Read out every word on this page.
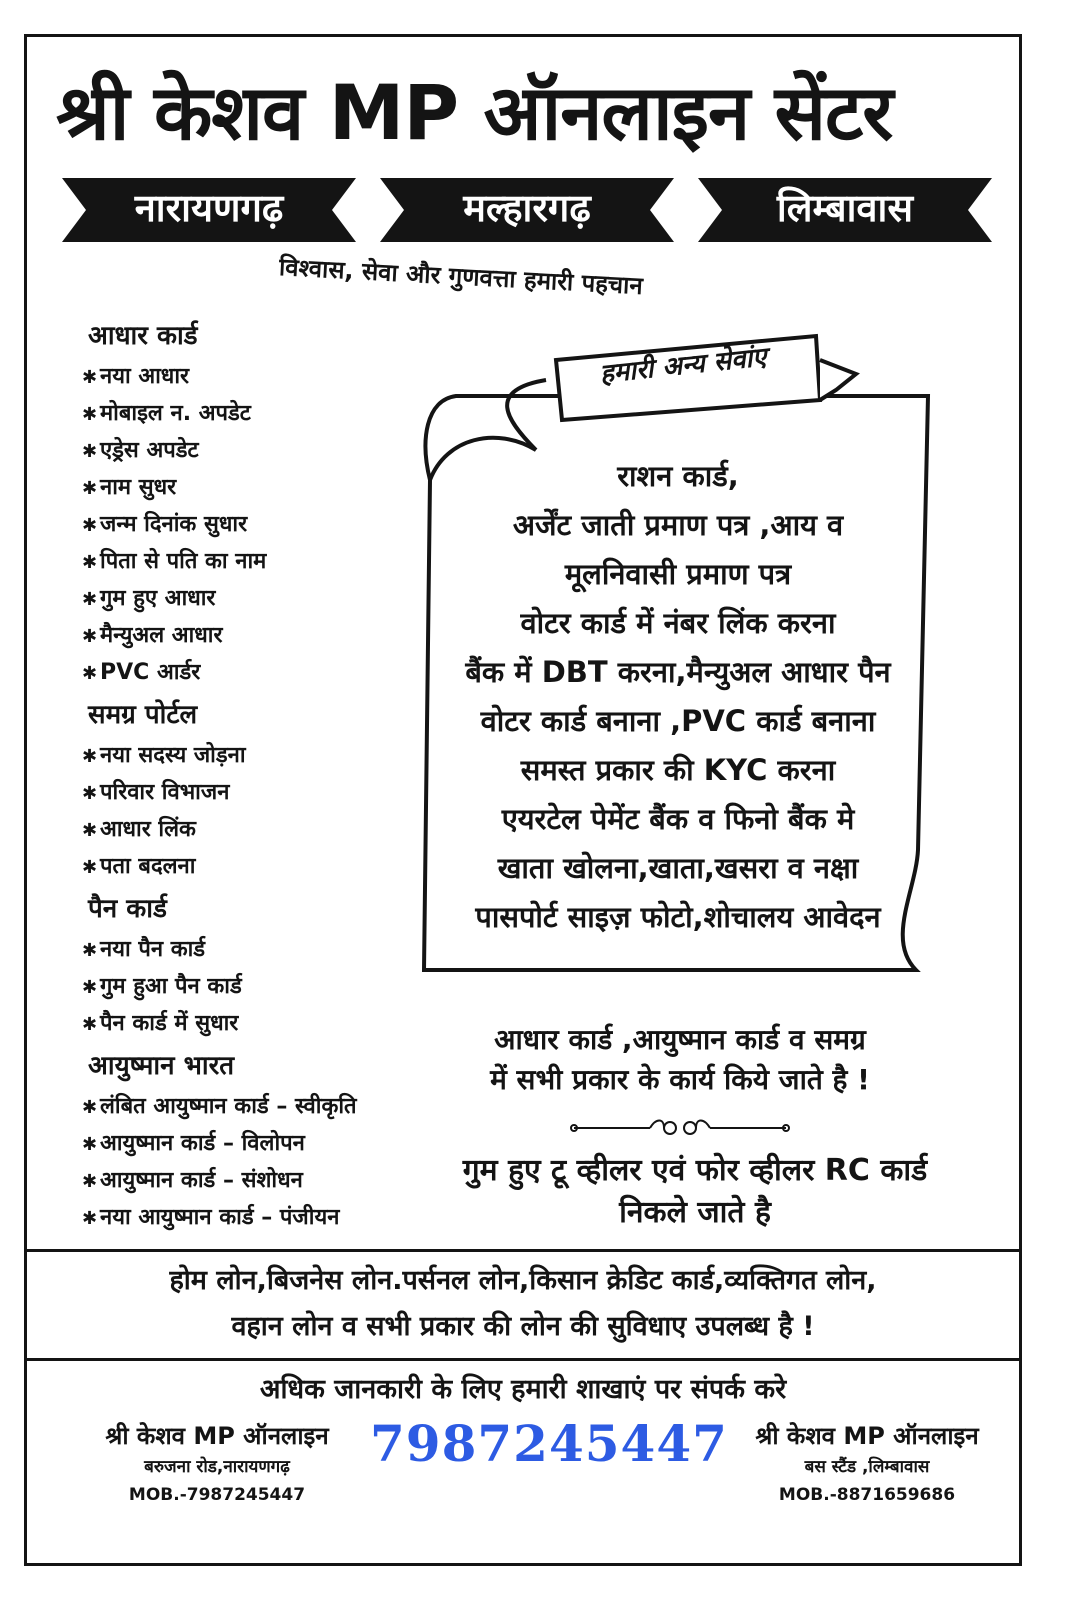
श्री केशव MP ऑनलाइन सेंटर
नारायणगढ़	मल्हारगढ़	लिम्बावास
विश्वास, सेवा और गुणवत्ता हमारी पहचान
आधार कार्ड
✱ नया आधार
✱ मोबाइल न. अपडेट
✱ एड्रेस अपडेट
✱ नाम सुधर
✱ जन्म दिनांक सुधार
✱ पिता से पति का नाम
✱ गुम हुए आधार
✱ मैन्युअल आधार
✱ PVC आर्डर
समग्र पोर्टल
✱ नया सदस्य जोड़ना
✱ परिवार विभाजन
✱ आधार लिंक
✱ पता बदलना
पैन कार्ड
✱ नया पैन कार्ड
✱ गुम हुआ पैन कार्ड
✱ पैन कार्ड में सुधार
आयुष्मान भारत
✱ लंबित आयुष्मान कार्ड – स्वीकृति
✱ आयुष्मान कार्ड – विलोपन
✱ आयुष्मान कार्ड – संशोधन
✱ नया आयुष्मान कार्ड – पंजीयन
हमारी अन्य सेवांए
राशन कार्ड,
अर्जेंट जाती प्रमाण पत्र ,आय व
मूलनिवासी प्रमाण पत्र
वोटर कार्ड में नंबर लिंक करना
बैंक में DBT करना,मैन्युअल आधार पैन
वोटर कार्ड बनाना ,PVC कार्ड बनाना
समस्त प्रकार की KYC करना
एयरटेल पेमेंट बैंक व फिनो बैंक मे
खाता खोलना,खाता,खसरा व नक्षा
पासपोर्ट साइज़ फोटो,शोचालय आवेदन
आधार कार्ड ,आयुष्मान कार्ड व समग्र
में सभी प्रकार के कार्य किये जाते है !
गुम हुए टू व्हीलर एवं फोर व्हीलर RC कार्ड
निकले जाते है
होम लोन,बिजनेस लोन.पर्सनल लोन,किसान क्रेडिट कार्ड,व्यक्तिगत लोन,
वहान लोन व सभी प्रकार की लोन की सुविधाए उपलब्ध है !
अधिक जानकारी के लिए हमारी शाखाएं पर संपर्क करे
श्री केशव MP ऑनलाइन
बरुजना रोड,नारायणगढ़
MOB.-7987245447
7987245447	श्री केशव MP ऑनलाइन
बस स्टैंड ,लिम्बावास
MOB.-8871659686
